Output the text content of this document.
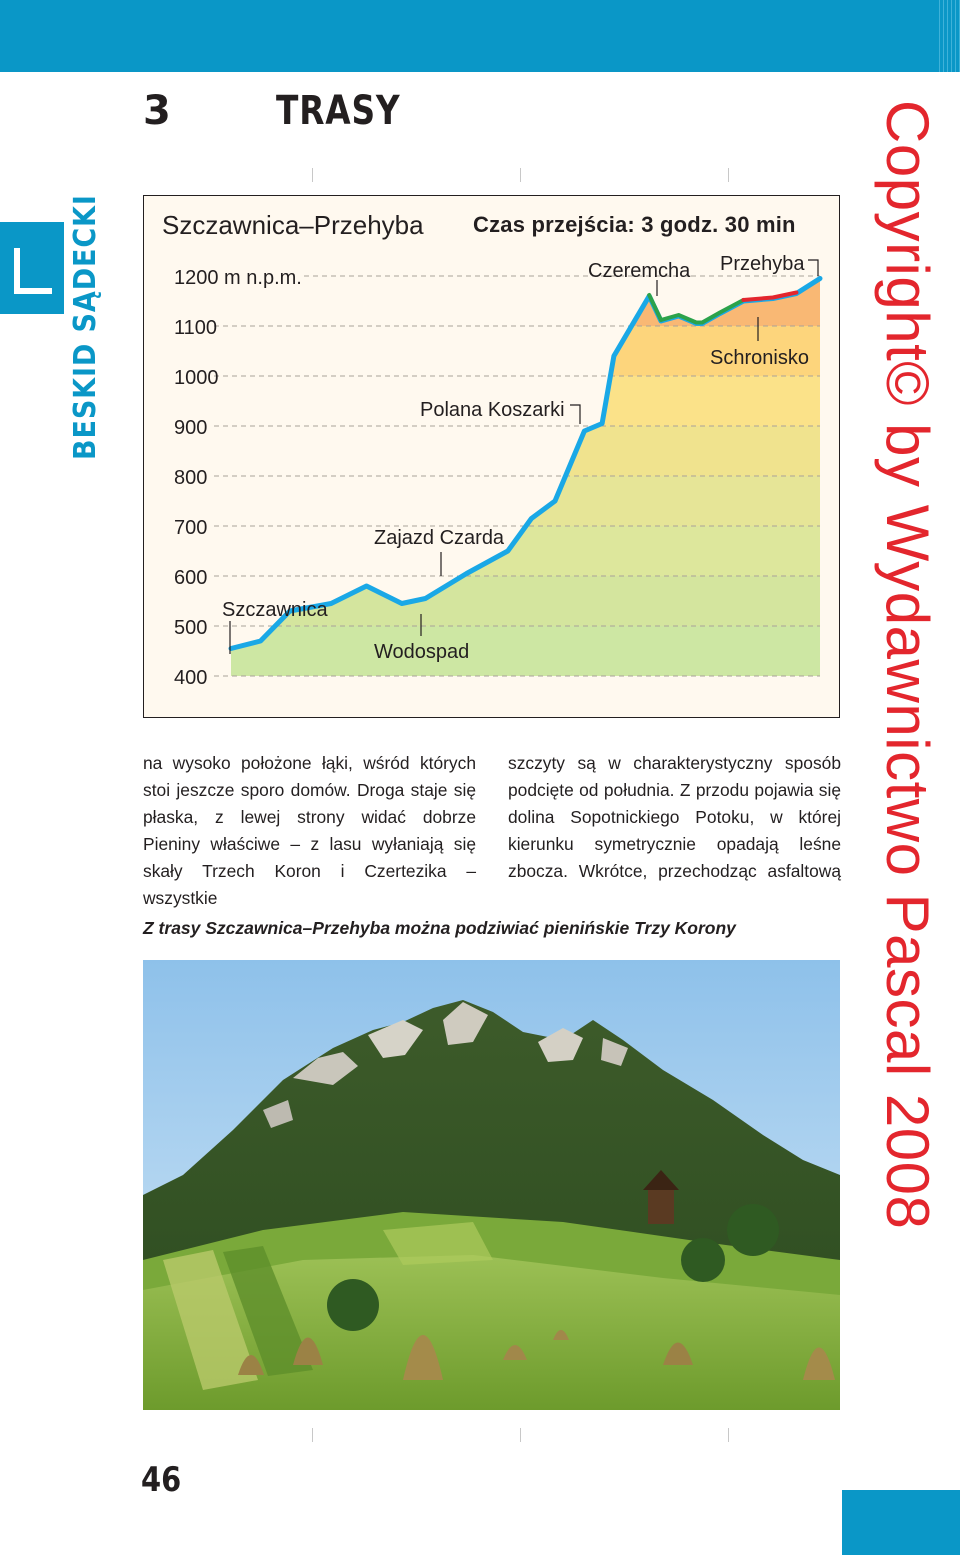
3	TRASY
BESKID SĄDECKI	1200 m n.p.m.
1100
1000
900
800
700
600
500
400
Szczawnica
Wodospad
Zajazd Czarda
Polana Koszarki
Czeremcha
Schronisko
Przehyba
Szczawnica–Przehyba Czas przejścia: 3 godz. 30 min
na wysoko położone łąki, wśród których stoi jeszcze sporo domów. Droga staje się płaska, z lewej strony widać dobrze Pieniny właściwe – z lasu wyłaniają się skały Trzech Koron i Czertezika – wszystkie
szczyty są w charakterystyczny sposób podcięte od południa. Z przodu pojawia się dolina Sopotnickiego Potoku, w której kierunku symetrycznie opadają leśne zbocza. Wkrótce, przechodząc asfaltową
Z trasy Szczawnica–Przehyba można podziwiać pienińskie Trzy Korony
46
Copyright© by Wydawnictwo Pascal 2008
